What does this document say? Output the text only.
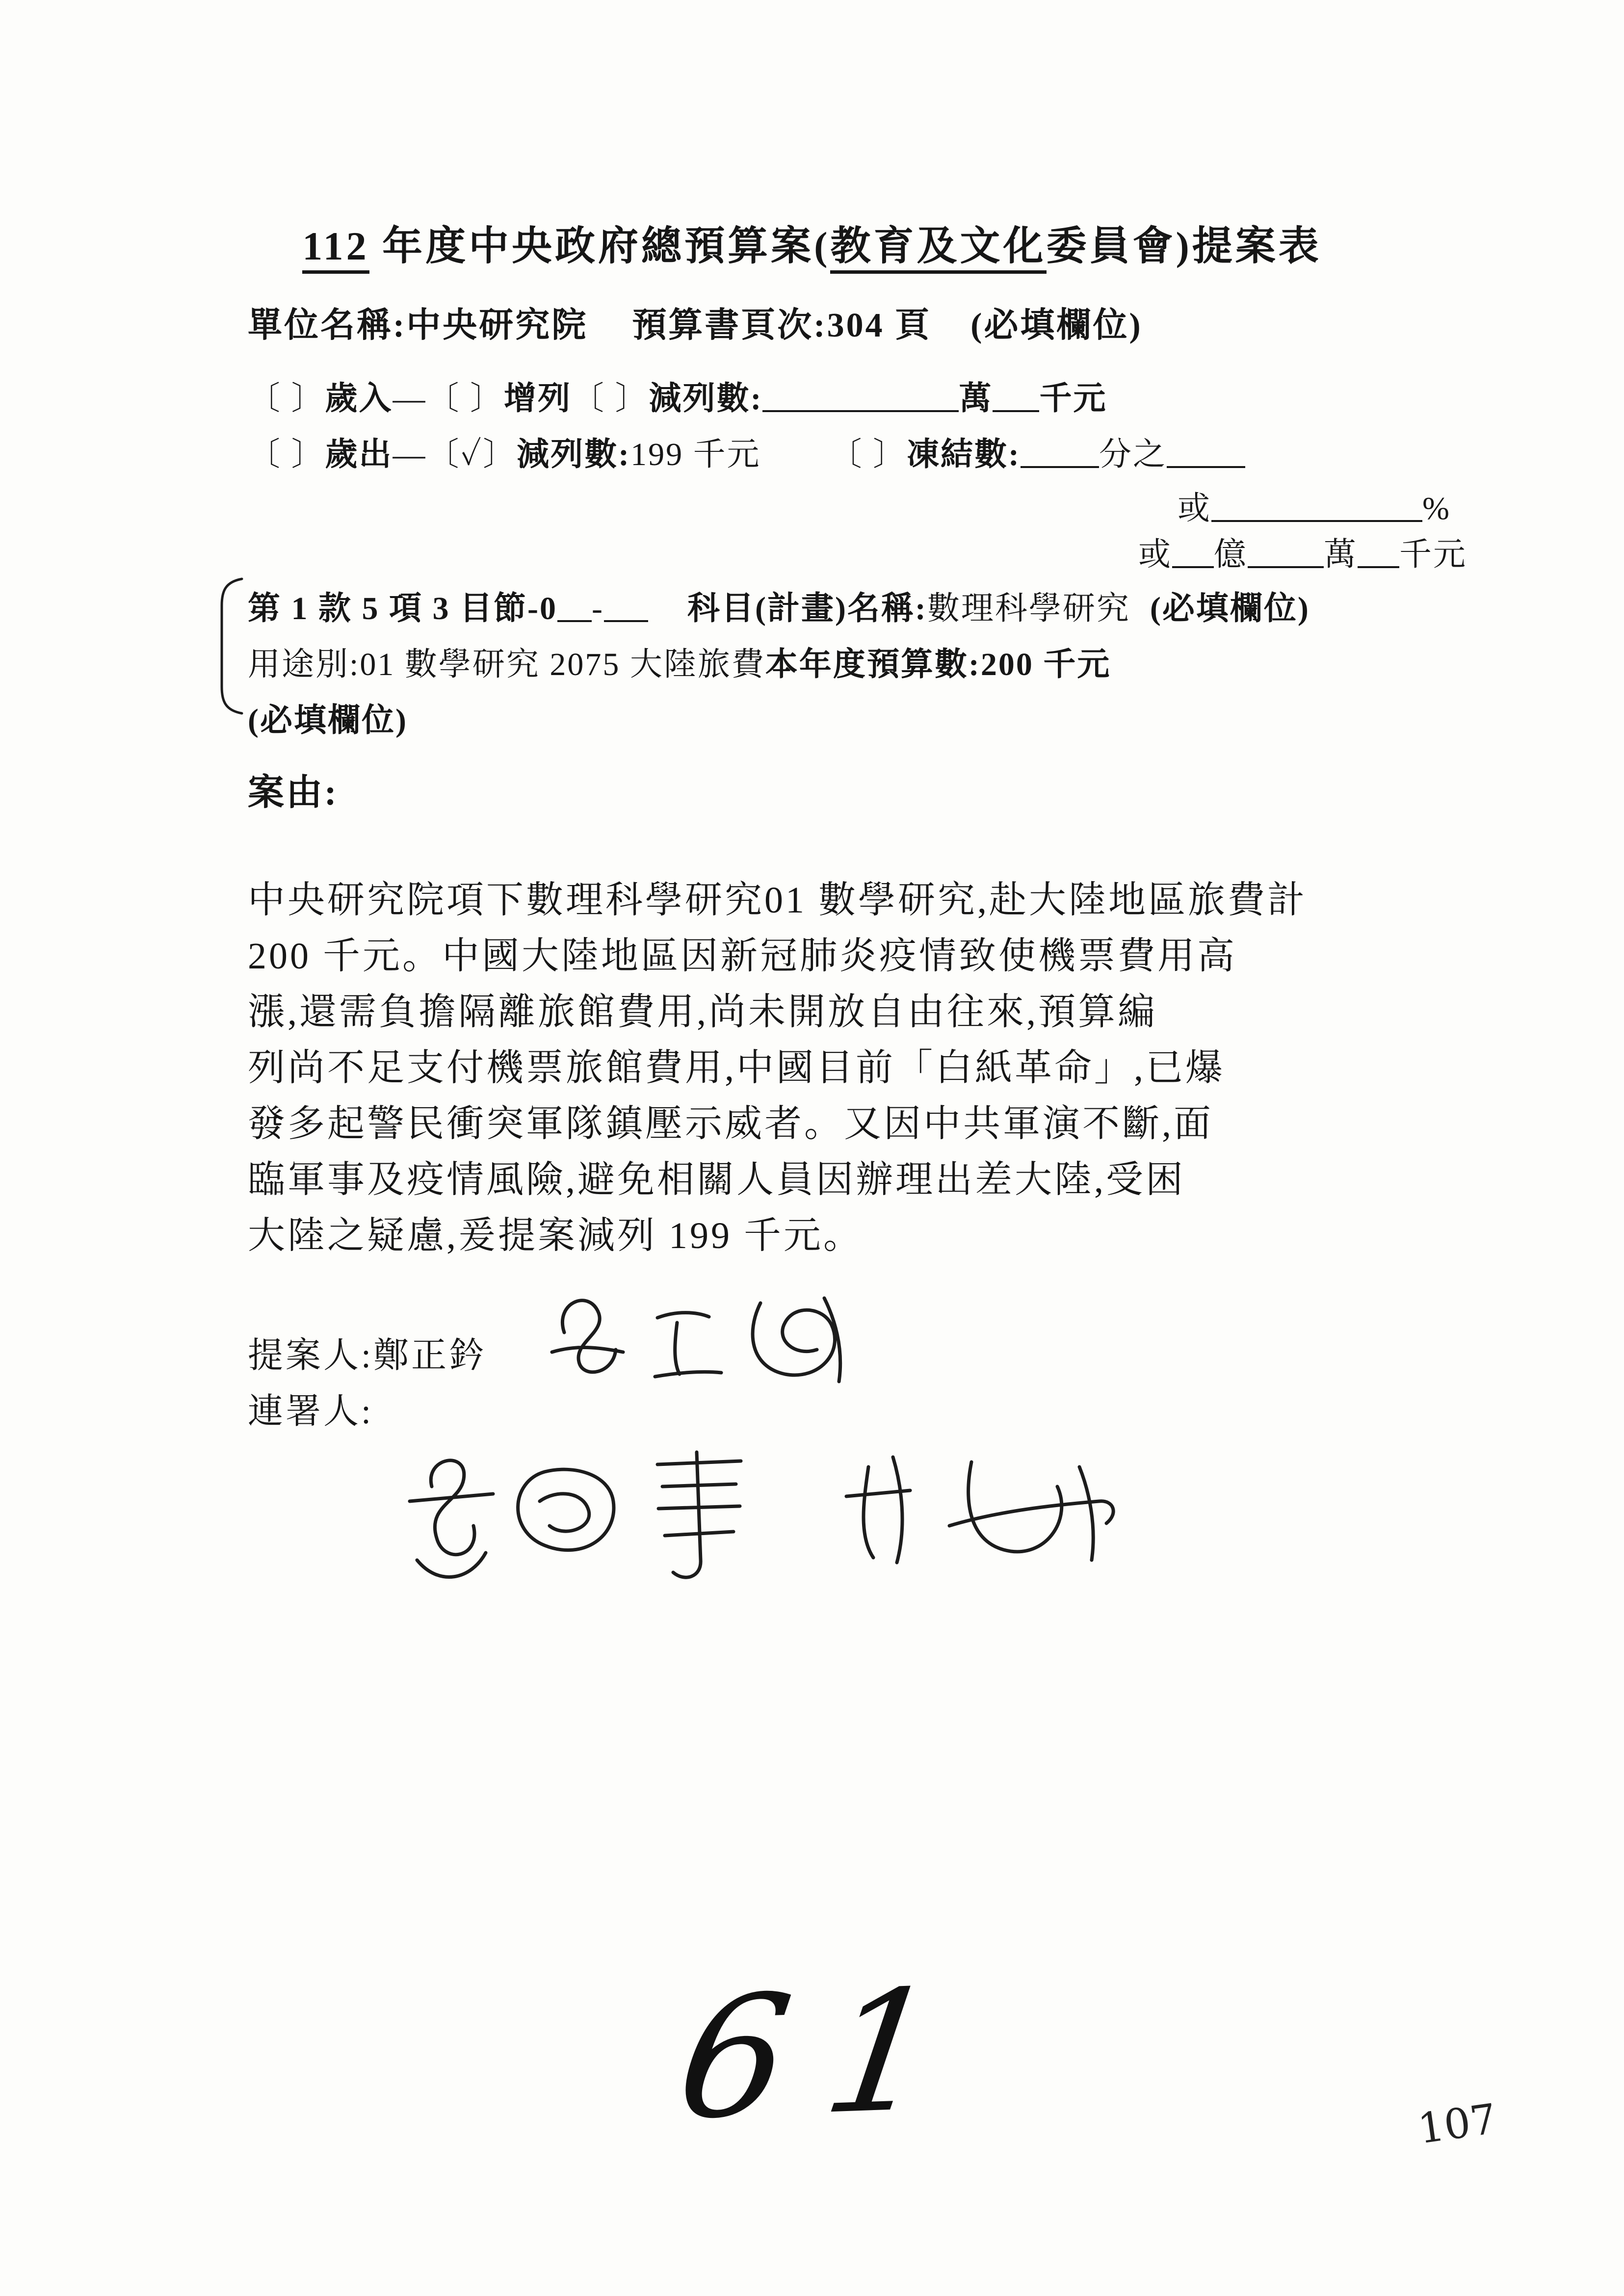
112 年度中央政府總預算案(教育及文化委員會)提案表
單位名稱:中央研究院 預算書頁次:304 頁 (必填欄位)
〔 〕歲入—〔 〕增列〔 〕減列數:	萬 千元
〔 〕歲出—〔✓〕減列數:199 千元 〔 〕凍結數: 分之
或	%
或 億 萬 千元
第 1 款 5 項 3 目節-0 -	科目(計畫)名稱:數理科學研究 (必填欄位)
用途別:01 數學研究 2075 大陸旅費本年度預算數:200 千元
(必填欄位)
案由:
中央研究院項下數理科學研究01 數學研究,赴大陸地區旅費計
200 千元。中國大陸地區因新冠肺炎疫情致使機票費用高
漲,還需負擔隔離旅館費用,尚未開放自由往來,預算編
列尚不足支付機票旅館費用,中國目前「白紙革命」,已爆
發多起警民衝突軍隊鎮壓示威者。又因中共軍演不斷,面
臨軍事及疫情風險,避免相關人員因辦理出差大陸,受困
大陸之疑慮,爰提案減列 199 千元。
提案人:鄭正鈐
連署人:
61	107
